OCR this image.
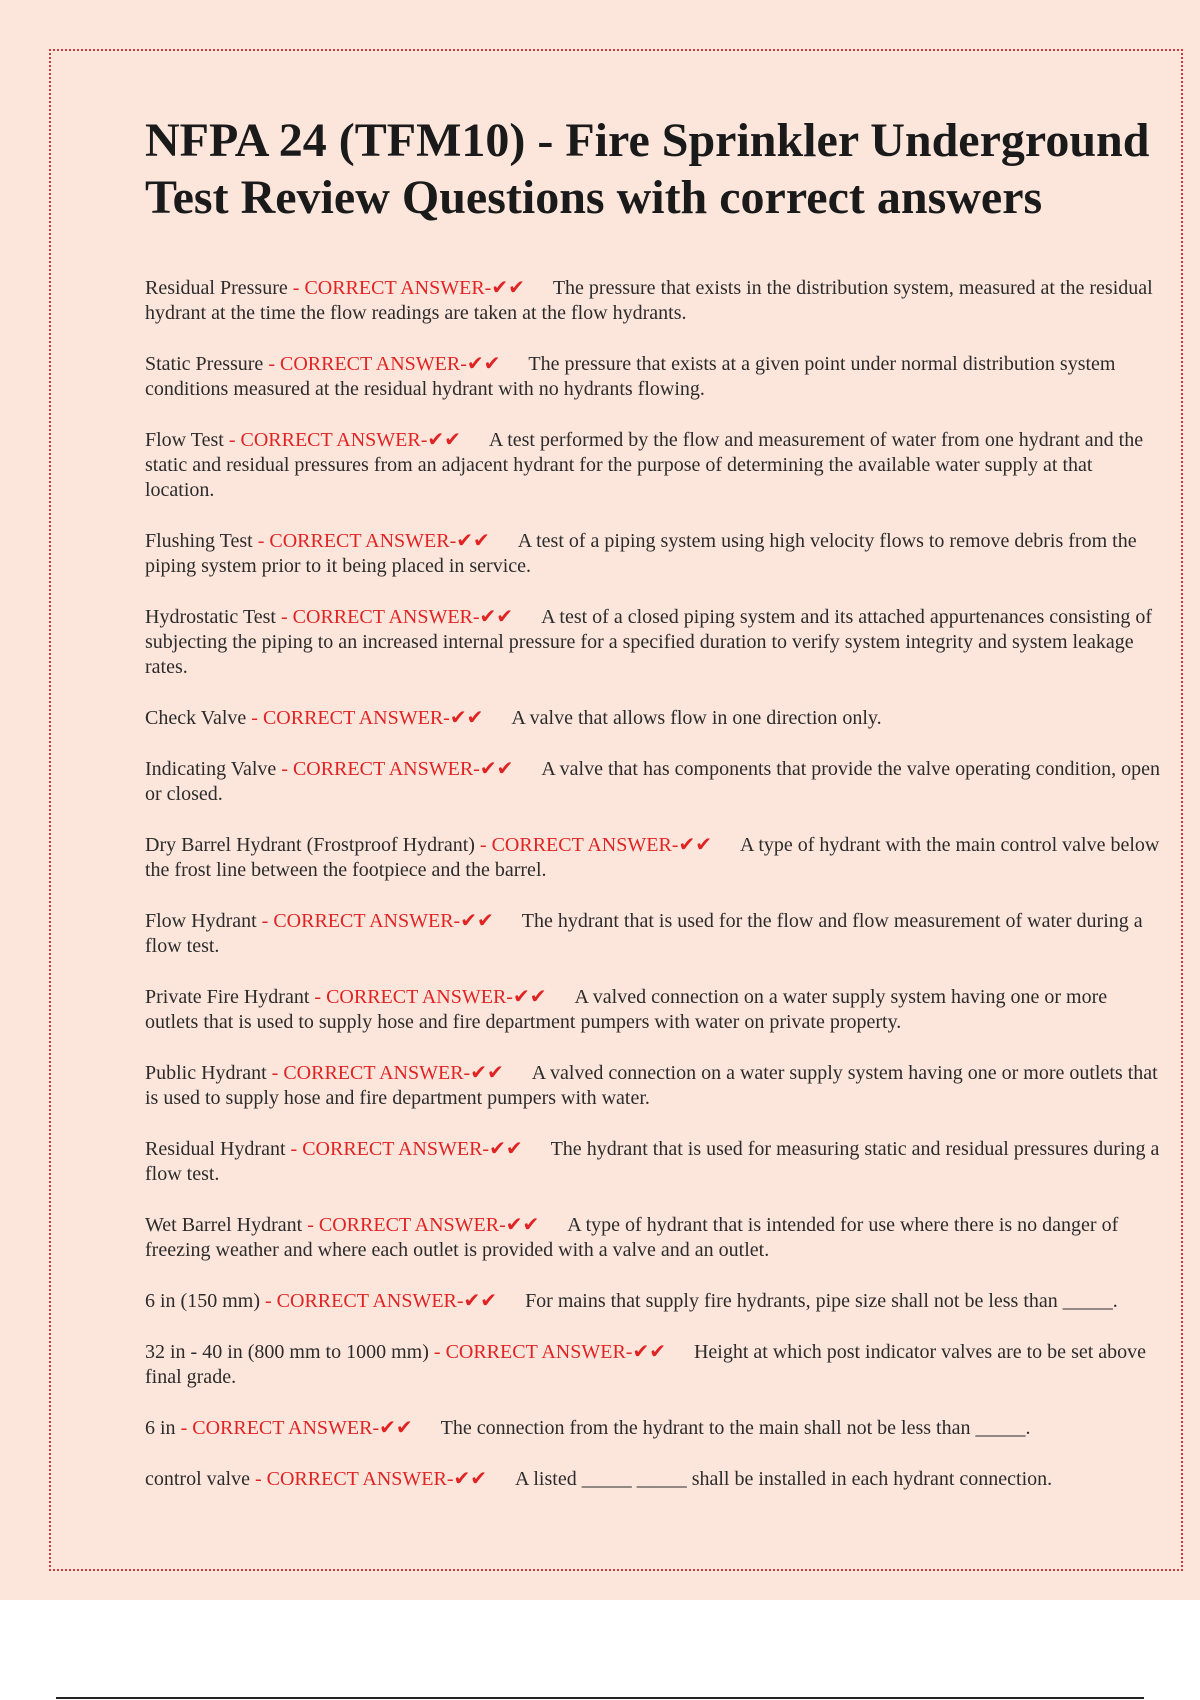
NFPA 24 (TFM10) - Fire Sprinkler Underground Test Review Questions with correct answers

Residual Pressure - CORRECT ANSWER-✔✔ The pressure that exists in the distribution system, measured at the residual hydrant at the time the flow readings are taken at the flow hydrants.

Static Pressure - CORRECT ANSWER-✔✔ The pressure that exists at a given point under normal distribution system conditions measured at the residual hydrant with no hydrants flowing.

Flow Test - CORRECT ANSWER-✔✔ A test performed by the flow and measurement of water from one hydrant and the static and residual pressures from an adjacent hydrant for the purpose of determining the available water supply at that location.

Flushing Test - CORRECT ANSWER-✔✔ A test of a piping system using high velocity flows to remove debris from the piping system prior to it being placed in service.

Hydrostatic Test - CORRECT ANSWER-✔✔ A test of a closed piping system and its attached appurtenances consisting of subjecting the piping to an increased internal pressure for a specified duration to verify system integrity and system leakage rates.

Check Valve - CORRECT ANSWER-✔✔ A valve that allows flow in one direction only.

Indicating Valve - CORRECT ANSWER-✔✔ A valve that has components that provide the valve operating condition, open or closed.

Dry Barrel Hydrant (Frostproof Hydrant) - CORRECT ANSWER-✔✔ A type of hydrant with the main control valve below the frost line between the footpiece and the barrel.

Flow Hydrant - CORRECT ANSWER-✔✔ The hydrant that is used for the flow and flow measurement of water during a flow test.

Private Fire Hydrant - CORRECT ANSWER-✔✔ A valved connection on a water supply system having one or more outlets that is used to supply hose and fire department pumpers with water on private property.

Public Hydrant - CORRECT ANSWER-✔✔ A valved connection on a water supply system having one or more outlets that is used to supply hose and fire department pumpers with water.

Residual Hydrant - CORRECT ANSWER-✔✔ The hydrant that is used for measuring static and residual pressures during a flow test.

Wet Barrel Hydrant - CORRECT ANSWER-✔✔ A type of hydrant that is intended for use where there is no danger of freezing weather and where each outlet is provided with a valve and an outlet.

6 in (150 mm) - CORRECT ANSWER-✔✔ For mains that supply fire hydrants, pipe size shall not be less than _____.

32 in - 40 in (800 mm to 1000 mm) - CORRECT ANSWER-✔✔ Height at which post indicator valves are to be set above final grade.

6 in - CORRECT ANSWER-✔✔ The connection from the hydrant to the main shall not be less than _____.

control valve - CORRECT ANSWER-✔✔ A listed _____ _____ shall be installed in each hydrant connection.
